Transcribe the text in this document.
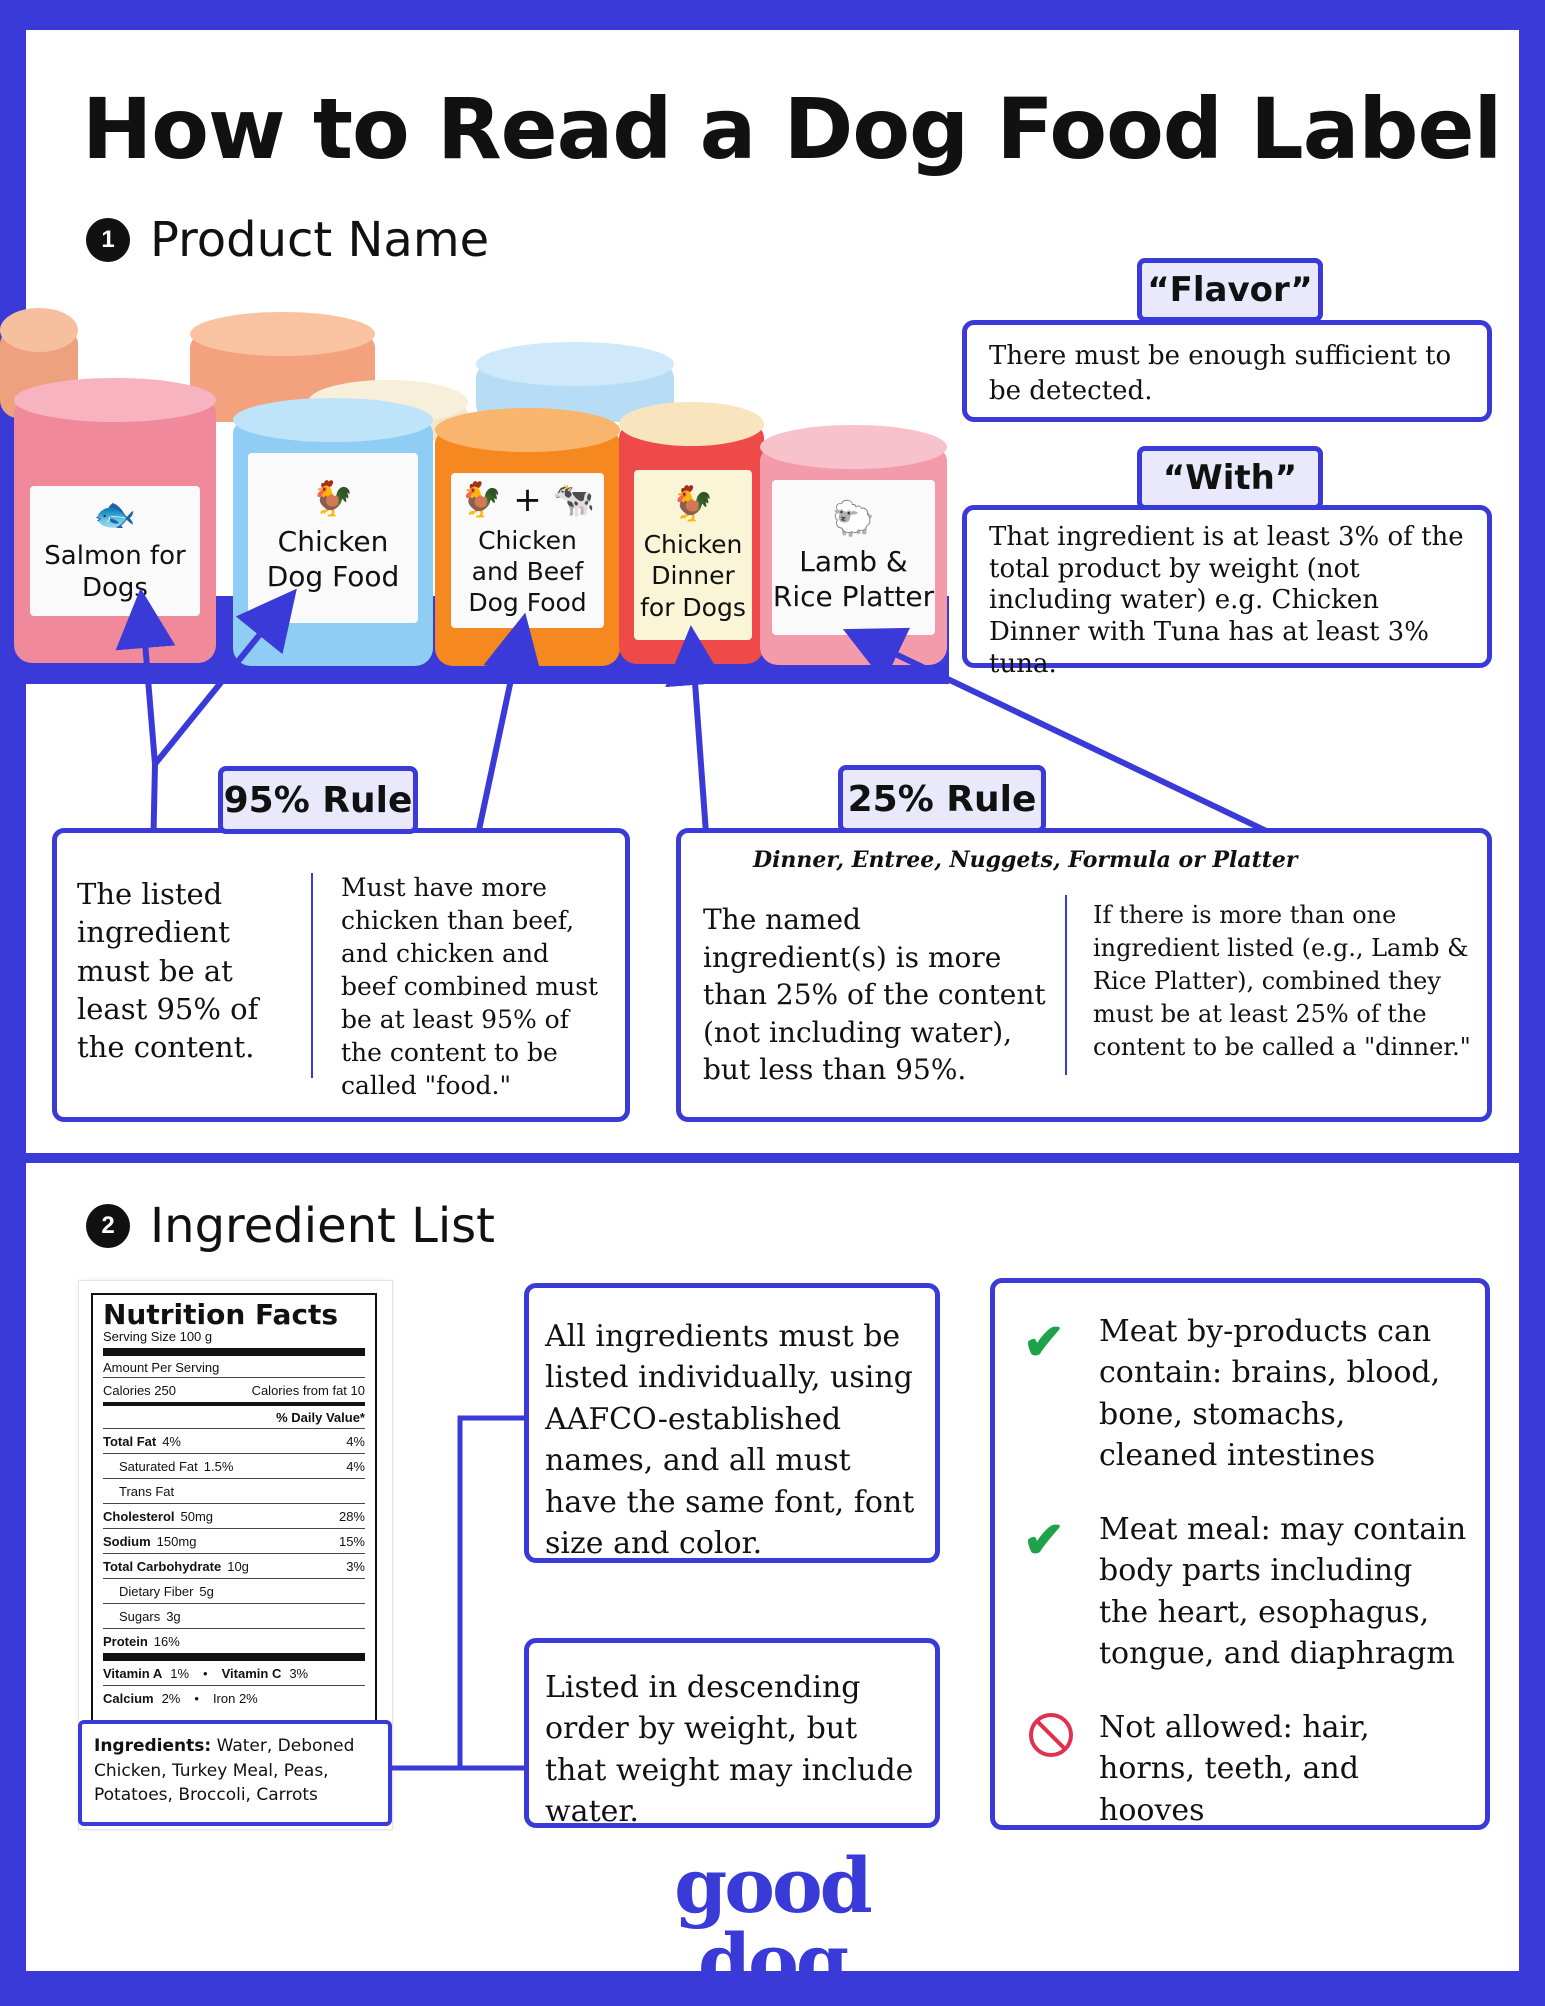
How to Read a Dog Food Label
1 Product Name
🐟
Salmon for Dogs
🐓
Chicken Dog Food
🐓 + 🐄
Chicken and Beef Dog Food
🐓
Chicken Dinner for Dogs
🐑
Lamb & Rice Platter
There must be enough sufficient to be detected.
“Flavor”
That ingredient is at least 3% of the total product by weight (not including water) e.g. Chicken Dinner with Tuna has at least 3% tuna.
“With”
The listed ingredient must be at least 95% of the content.
Must have more chicken than beef, and chicken and beef combined must be at least 95% of the content to be called "food."
95% Rule
Dinner, Entree, Nuggets, Formula or Platter
The named ingredient(s) is more than 25% of the content (not including water), but less than 95%.
If there is more than one ingredient listed (e.g., Lamb & Rice Platter), combined they must be at least 25% of the content to be called a "dinner."
25% Rule
2 Ingredient List
Nutrition Facts
Serving Size 100 g
Amount Per Serving
Calories 250	Calories from fat 10
% Daily Value*
Total Fat 4%	4%
Saturated Fat 1.5%	4%
Trans Fat
Cholesterol 50mg	28%
Sodium 150mg	15%
Total Carbohydrate 10g	3%
Dietary Fiber 5g
Sugars 3g
Protein 16%
Vitamin A 1% • Vitamin C 3%
Calcium 2% • Iron 2%
Ingredients: Water, Deboned Chicken, Turkey Meal, Peas, Potatoes, Broccoli, Carrots
All ingredients must be listed individually, using AAFCO-established names, and all must have the same font, font size and color.
Listed in descending order by weight, but that weight may include water.
✔ Meat by-products can contain: brains, blood, bone, stomachs, cleaned intestines
✔ Meat meal: may contain body parts including the heart, esophagus, tongue, and diaphragm
Not allowed: hair, horns, teeth, and hooves
good dog
